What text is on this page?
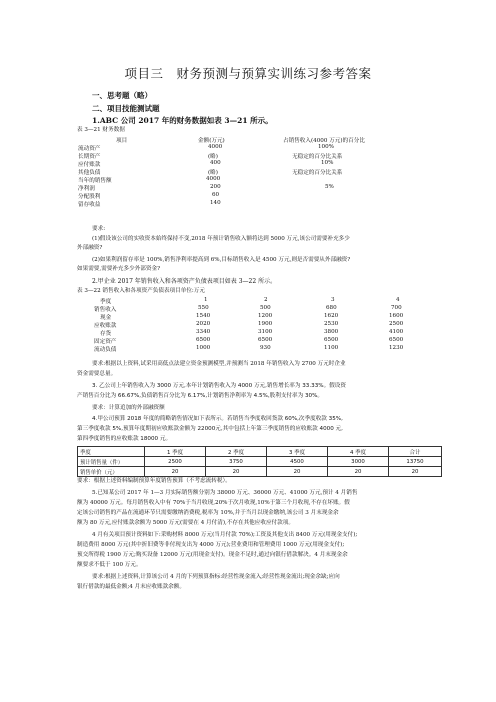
项目三　财务预测与预算实训练习参考答案
一、思考题（略）
二、项目技能测试题
1.ABC 公司 2017 年的财务数据如表 3—21 所示。
表 3—21 财务数据
项目	金额(万元)	占销售收入(4000 万元)的百分比
流动资产	4000	100%
长期资产	(略)	无稳定的百分比关系
应付账款	400	10%
其他负债	(略)	无稳定的百分比关系
当年的销售额	4000
净利润	200	5%
分配股利	60
留存收益	140
要求:
(1)假设该公司的实收资本始终保持不变,2018 年预计销售收入额将达到 5000 万元,该公司需要补充多少
外部融资?
(2)如果利润留存率是 100%,销售净利率提高到 6%,目标销售收入是 4500 万元,则是否需要从外部融资?
如果需要,需要补充多少外部资金?
2.甲企业 2017 年销售收入和各项资产负债表项目如表 3—22 所示。
表 3—22 销售收入和各项资产负债表项目单位:万元
季度	1	2	3	4
销售收入	550	500	680	700
现金	1540	1200	1620	1600
应收账款	2020	1900	2530	2500
存货	3340	3100	3800	4100
固定资产	6500	6500	6500	6500
流动负债	1000	930	1100	1230
要求:根据以上资料,试采用高低点法建立资金预测模型,并预测当 2018 年销售收入为 2700 万元时企业
资金需要总量。
3. 乙公司上年销售收入为 3000 万元,本年计划销售收入为 4000 万元,销售增长率为 33.33%。假设资
产销售百分比为 66.67%,负债销售百分比为 6.17%,计划销售净利率为 4.5%,股利支付率为 30%。
要求：计算追加的外部融资额
4.甲公司预算 2018 年度的简略销售情况如下表所示。若销售当季度收回货款 60%,次季度收款 35%,
第三季度收款 5%,预算年度期初应收账款金额为 22000元,其中包括上年第三季度销售的应收账款 4000 元,
第四季度销售的应收账款 18000 元。
季度	1 季度	2 季度	3 季度	4 季度	合计
预计销售量（件）	2500	3750	4500	3000	13750
销售单价（元）	20	20	20	20	20
要求：根据上述资料编制预算年度销售预算（不考虑流转税）。
5.已知某公司 2017 年 1—3 月实际销售额分别为 38000 万元、36000 万元、41000 万元,预计 4 月销售
额为 40000 万元。每月销售收入中有 70%于当月收现,20%于次月收现,10%于第三个月收现,不存在坏账。假
定该公司销售的产品在流通环节只需要缴纳消费税,税率为 10%,并于当月以现金缴纳,该公司 3 月末现金余
额为 80 万元,应付账款余额为 5000 万元(需要在 4 月付清),不存在其他应收应付款项。
4 月有关项目预计资料如下:采购材料 8000 万元(当月付款 70%);工资及其他支出 8400 万元(用现金支付);
制造费用 8000 万元(其中折旧费等非付现支出为 4000 万元);营业费用和管理费用 1000 万元(用现金支付);
预交所得税 1900 万元;购买设备 12000 万元(用现金支付)。现金不足时,通过向银行借款解决。4 月末现金余
额要求不低于 100 万元。
要求:根据上述资料,计算该公司 4 月的下列预算指标:经营性现金流入;经营性现金流出;现金余缺;应向
银行借款的最低金额;4 月末应收账款余额。
